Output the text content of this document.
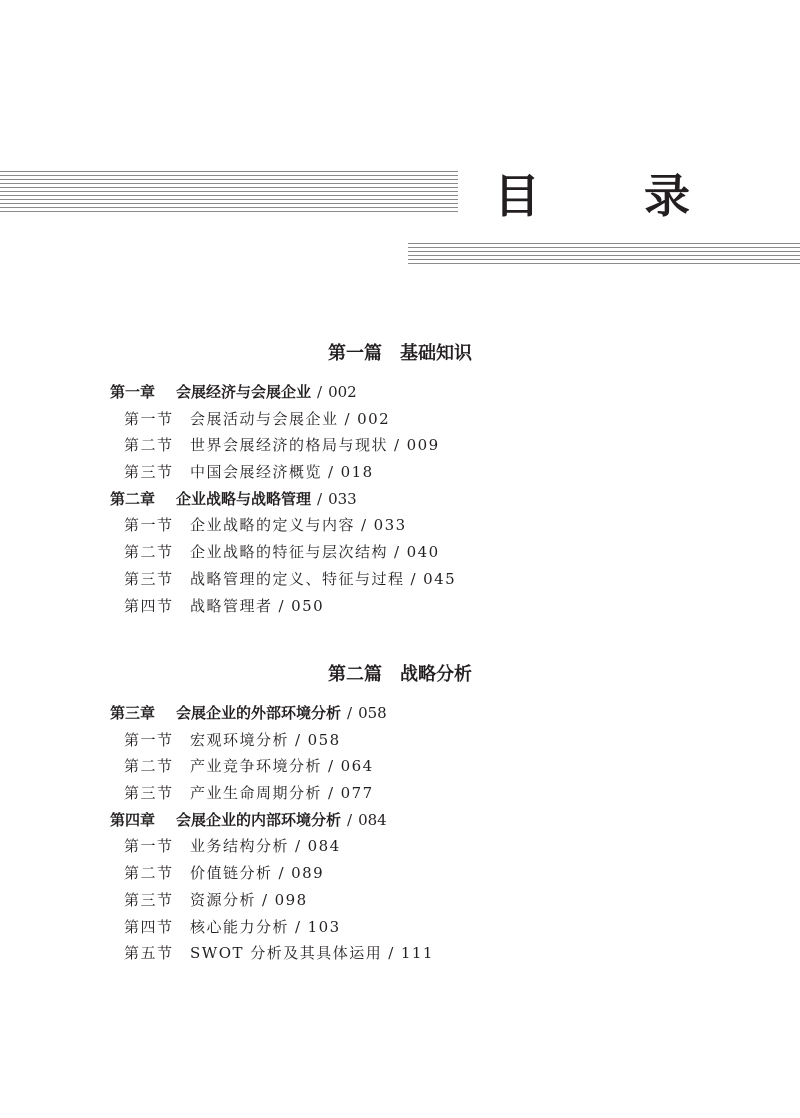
目 录
第一篇　基础知识
第一章 会展经济与会展企业 / 002
第一节 会展活动与会展企业 / 002
第二节 世界会展经济的格局与现状 / 009
第三节 中国会展经济概览 / 018
第二章 企业战略与战略管理 / 033
第一节 企业战略的定义与内容 / 033
第二节 企业战略的特征与层次结构 / 040
第三节 战略管理的定义、特征与过程 / 045
第四节 战略管理者 / 050
第二篇　战略分析
第三章 会展企业的外部环境分析 / 058
第一节 宏观环境分析 / 058
第二节 产业竞争环境分析 / 064
第三节 产业生命周期分析 / 077
第四章 会展企业的内部环境分析 / 084
第一节 业务结构分析 / 084
第二节 价值链分析 / 089
第三节 资源分析 / 098
第四节 核心能力分析 / 103
第五节 SWOT 分析及其具体运用 / 111
